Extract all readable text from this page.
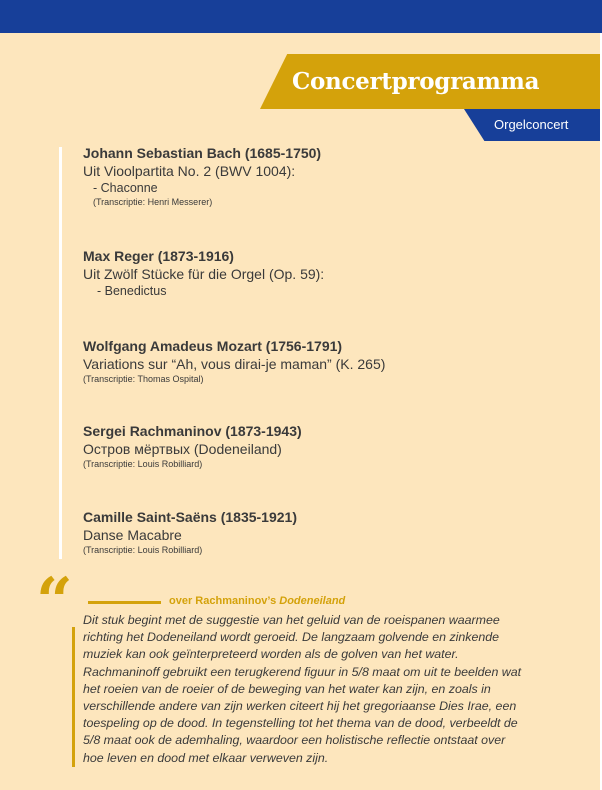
Concertprogramma
Orgelconcert
Johann Sebastian Bach (1685-1750)
Uit Vioolpartita No. 2 (BWV 1004):
- Chaconne
(Transcriptie: Henri Messerer)
Max Reger (1873-1916)
Uit Zwölf Stücke für die Orgel (Op. 59):
- Benedictus
Wolfgang Amadeus Mozart (1756-1791)
Variations sur “Ah, vous dirai-je maman” (K. 265)
(Transcriptie: Thomas Ospital)
Sergei Rachmaninov (1873-1943)
Остров мëртвых (Dodeneiland)
(Transcriptie: Louis Robilliard)
Camille Saint-Saëns (1835-1921)
Danse Macabre
(Transcriptie: Louis Robilliard)
“	over Rachmaninov’s Dodeneiland
Dit stuk begint met de suggestie van het geluid van de roeispanen waarmee richting het Dodeneiland wordt geroeid. De langzaam golvende en zinkende muziek kan ook geïnterpreteerd worden als de golven van het water. Rachmaninoff gebruikt een terugkerend figuur in 5/8 maat om uit te beelden wat het roeien van de roeier of de beweging van het water kan zijn, en zoals in verschillende andere van zijn werken citeert hij het gregoriaanse Dies Irae, een toespeling op de dood. In tegenstelling tot het thema van de dood, verbeeldt de 5/8 maat ook de ademhaling, waardoor een holistische reflectie ontstaat over hoe leven en dood met elkaar verweven zijn.
